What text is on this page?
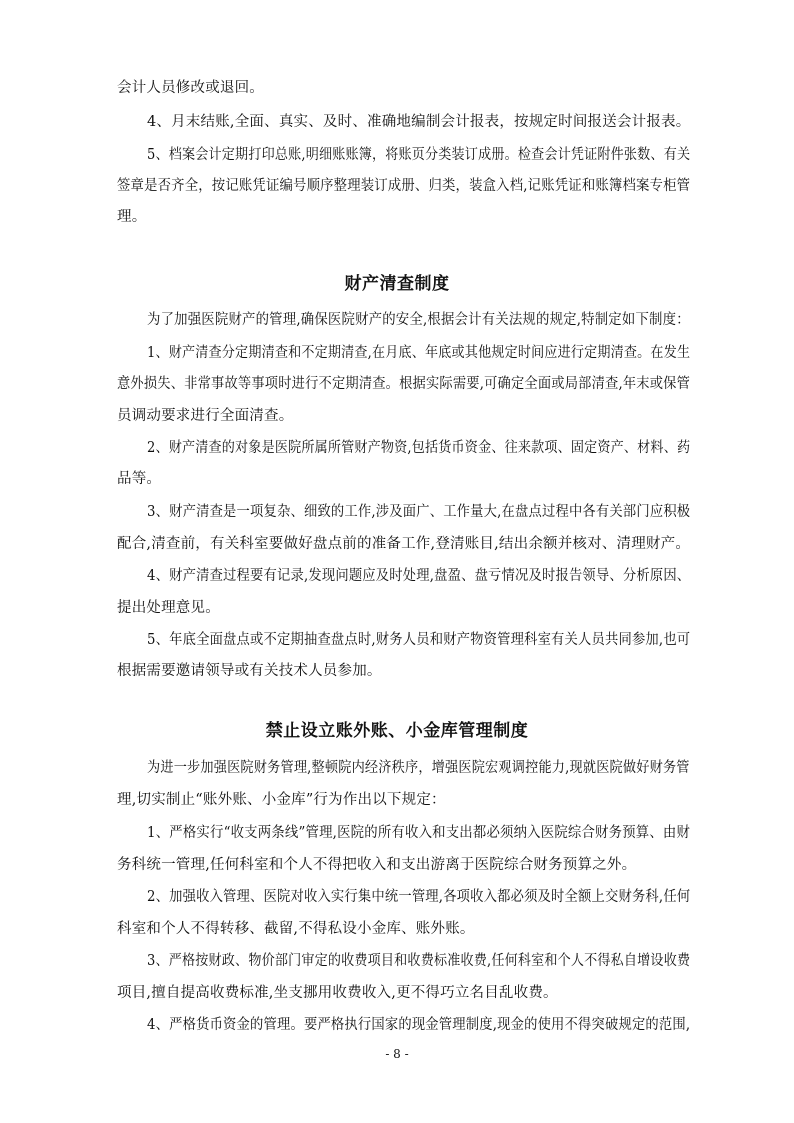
会计人员修改或退回。
4、月末结账,全面、真实、及时、准确地编制会计报表，按规定时间报送会计报表。
5、档案会计定期打印总账,明细账账簿，将账页分类装订成册。检查会计凭证附件张数、有关
签章是否齐全，按记账凭证编号顺序整理装订成册、归类，装盒入档,记账凭证和账簿档案专柜管
理。
财产清查制度
为了加强医院财产的管理,确保医院财产的安全,根据会计有关法规的规定,特制定如下制度：
1、财产清查分定期清查和不定期清查,在月底、年底或其他规定时间应进行定期清查。在发生
意外损失、非常事故等事项时进行不定期清查。根据实际需要,可确定全面或局部清查,年末或保管
员调动要求进行全面清查。
2、财产清查的对象是医院所属所管财产物资,包括货币资金、往来款项、固定资产、材料、药
品等。
3、财产清查是一项复杂、细致的工作,涉及面广、工作量大,在盘点过程中各有关部门应积极
配合,清查前，有关科室要做好盘点前的准备工作,登清账目,结出余额并核对、清理财产。
4、财产清查过程要有记录,发现问题应及时处理,盘盈、盘亏情况及时报告领导、分析原因、
提出处理意见。
5、年底全面盘点或不定期抽查盘点时,财务人员和财产物资管理科室有关人员共同参加,也可
根据需要邀请领导或有关技术人员参加。
禁止设立账外账、小金库管理制度
为进一步加强医院财务管理,整顿院内经济秩序，增强医院宏观调控能力,现就医院做好财务管
理,切实制止“账外账、小金库”行为作出以下规定：
1、严格实行“收支两条线”管理,医院的所有收入和支出都必须纳入医院综合财务预算、由财
务科统一管理,任何科室和个人不得把收入和支出游离于医院综合财务预算之外。
2、加强收入管理、医院对收入实行集中统一管理,各项收入都必须及时全额上交财务科,任何
科室和个人不得转移、截留,不得私设小金库、账外账。
3、严格按财政、物价部门审定的收费项目和收费标准收费,任何科室和个人不得私自增设收费
项目,擅自提高收费标准,坐支挪用收费收入,更不得巧立名目乱收费。
4、严格货币资金的管理。要严格执行国家的现金管理制度,现金的使用不得突破规定的范围,
- 8 -
